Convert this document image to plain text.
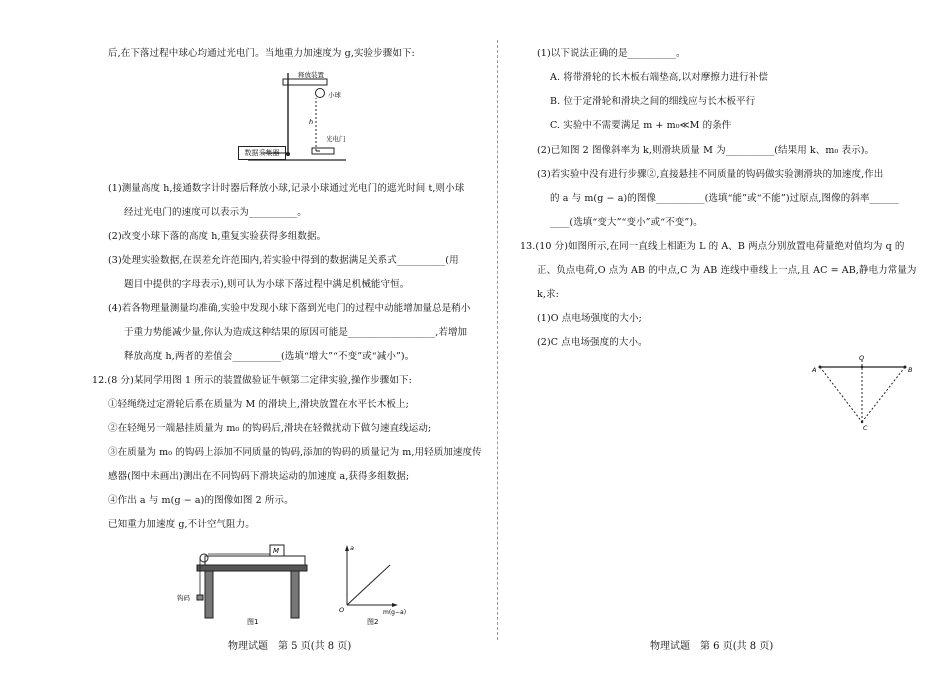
后,在下落过程中球心均通过光电门。当地重力加速度为 g,实验步骤如下:
释放装置
小球
h
光电门
数据采集器
(1)测量高度 h,接通数字计时器后释放小球,记录小球通过光电门的遮光时间 t,则小球
经过光电门的速度可以表示为__________。
(2)改变小球下落的高度 h,重复实验获得多组数据。
(3)处理实验数据,在误差允许范围内,若实验中得到的数据满足关系式__________(用
题目中提供的字母表示),则可认为小球下落过程中满足机械能守恒。
(4)若各物理量测量均准确,实验中发现小球下落到光电门的过程中动能增加量总是稍小
于重力势能减少量,你认为造成这种结果的原因可能是__________________,若增加
释放高度 h,两者的差值会__________(选填“增大”“不变”或“减小”)。
12.(8 分)某同学用图 1 所示的装置做验证牛顿第二定律实验,操作步骤如下:
①轻绳绕过定滑轮后系在质量为 M 的滑块上,滑块放置在水平长木板上;
②在轻绳另一端悬挂质量为 m₀ 的钩码后,滑块在轻微扰动下做匀速直线运动;
③在质量为 m₀ 的钩码上添加不同质量的钩码,添加的钩码的质量记为 m,用轻质加速度传
感器(图中未画出)测出在不同钩码下滑块运动的加速度 a,获得多组数据;
④作出 a 与 m(g − a)的图像如图 2 所示。
已知重力加速度 g,不计空气阻力。
M
钩码
图1
a
m(g−a)
O
图2
物理试题　第 5 页(共 8 页)
(1)以下说法正确的是__________。
A. 将带滑轮的长木板右端垫高,以对摩擦力进行补偿
B. 位于定滑轮和滑块之间的细线应与长木板平行
C. 实验中不需要满足 m + m₀≪M 的条件
(2)已知图 2 图像斜率为 k,则滑块质量 M 为__________(结果用 k、m₀ 表示)。
(3)若实验中没有进行步骤②,直接悬挂不同质量的钩码做实验测滑块的加速度,作出
的 a 与 m(g − a)的图像__________(选填“能”或“不能”)过原点,图像的斜率______
____(选填“变大”“变小”或“不变”)。
13.(10 分)如图所示,在同一直线上相距为 L 的 A、B 两点分别放置电荷量绝对值均为 q 的
正、负点电荷,O 点为 AB 的中点,C 为 AB 连线中垂线上一点,且 AC = AB,静电力常量为
k,求:
(1)O 点电场强度的大小;
(2)C 点电场强度的大小。
A	B
O
C
物理试题　第 6 页(共 8 页)
